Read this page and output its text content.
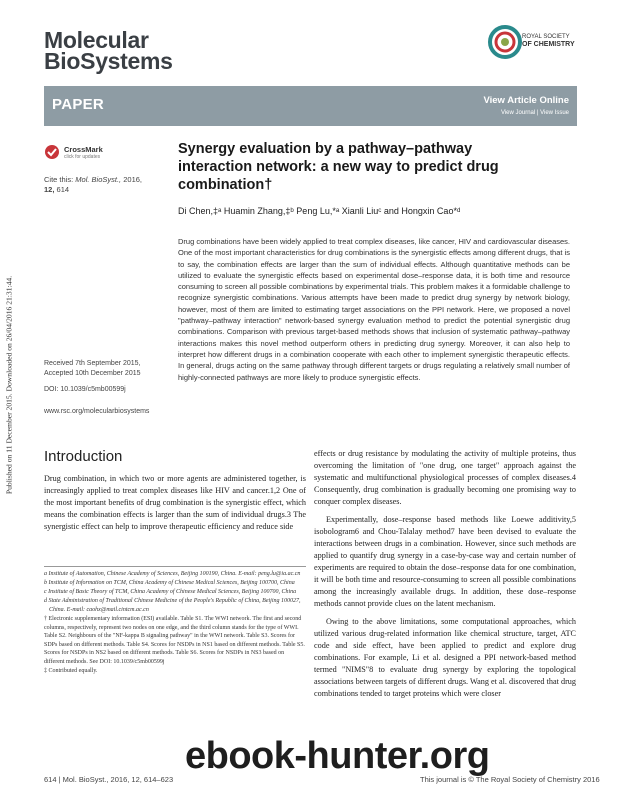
Published on 11 December 2015. Downloaded on 26/04/2016 21:31:44.
Molecular
BioSystems
ROYAL SOCIETY
OF CHEMISTRY
PAPER	View Article Online
View Journal | View Issue
CrossMark
click for updates
Cite this: Mol. BioSyst., 2016,
12, 614
Synergy evaluation by a pathway–pathway interaction network: a new way to predict drug combination†
Di Chen,‡ᵃ Huamin Zhang,‡ᵇ Peng Lu,*ᵃ Xianli Liuᶜ and Hongxin Cao*ᵈ
Drug combinations have been widely applied to treat complex diseases, like cancer, HIV and cardiovascular diseases. One of the most important characteristics for drug combinations is the synergistic effects among different drugs, that is to say, the combination effects are larger than the sum of individual effects. Although quantitative methods can be utilized to evaluate the synergistic effects based on experimental dose–response data, it is both time and resource consuming to screen all possible combinations by experimental trials. This problem makes it a formidable challenge to recognize synergistic combinations. Various attempts have been made to predict drug synergy by network biology, however, most of them are limited to estimating target associations on the PPI network. Here, we proposed a novel "pathway–pathway interaction" network-based synergy evaluation method to predict the potential synergistic drug combinations. Comparison with previous target-based methods shows that inclusion of systematic pathway–pathway interactions makes this novel method outperform others in predicting drug synergy. Moreover, it can also help to interpret how different drugs in a combination cooperate with each other to implement synergistic therapeutic effects. In general, drugs acting on the same pathway through different targets or drugs regulating a relatively small number of highly-connected pathways are more likely to produce synergistic effects.
Received 7th September 2015,
Accepted 10th December 2015
DOI: 10.1039/c5mb00599j
www.rsc.org/molecularbiosystems
Introduction

Drug combination, in which two or more agents are administered together, is increasingly applied to treat complex diseases like HIV and cancer.1,2 One of the most important benefits of drug combination is the synergistic effect, which means the combination effects is larger than the sum of individual drugs.3 The synergistic effect can help to improve therapeutic efficiency and reduce side

a Institute of Automation, Chinese Academy of Sciences, Beijing 100190, China. E-mail: peng.lu@ia.ac.cn
b Institute of Information on TCM, China Academy of Chinese Medical Sciences, Beijing 100700, China
c Institute of Basic Theory of TCM, China Academy of Chinese Medical Sciences, Beijing 100700, China
d State Administration of Traditional Chinese Medicine of the People's Republic of China, Beijing 100027, China. E-mail: caohx@mail.cintcm.ac.cn
† Electronic supplementary information (ESI) available. Table S1. The WWI network. The first and second columns, respectively, represent two nodes on one edge, and the third column stands for the type of WWI. Table S2. Neighbours of the "NF-kappa B signaling pathway" in the WWI network. Table S3. Scores for SDPs based on different methods. Table S4. Scores for NSDPs in NS1 based on different methods. Table S5. Scores for NSDPs in NS2 based on different methods. Table S6. Scores for NSDPs in NS3 based on different methods. See DOI: 10.1039/c5mb00599j
‡ Contributed equally.

effects or drug resistance by modulating the activity of multiple proteins, thus overcoming the limitation of "one drug, one target" approach against the systematic and multifunctional physiological processes of complex diseases.4 Consequently, drug combination is gradually becoming one promising way to conquer complex diseases.

Experimentally, dose–response based methods like Loewe additivity,5 isobologram6 and Chou-Talalay method7 have been devised to evaluate the interactions between drugs in a combination. However, since such methods are applied to quantify drug synergy in a case-by-case way and certain number of experiments are required to obtain the dose–response data for one combination, it will be both time and resource-consuming to screen all possible combinations among the increasingly available drugs. In addition, these dose–response methods cannot provide clues on the latent mechanism.

Owing to the above limitations, some computational approaches, which utilized various drug-related information like chemical structure, target, ATC code and side effect, have been applied to predict and explore drug combinations. For example, Li et al. designed a PPI network-based method termed "NIMS"8 to evaluate drug synergy by exploring the topological associations between targets of different drugs. Wang et al. discovered that drug combinations tended to target proteins which were closer

614 | Mol. BioSyst., 2016, 12, 614–623	This journal is © The Royal Society of Chemistry 2016
ebook-hunter.org
